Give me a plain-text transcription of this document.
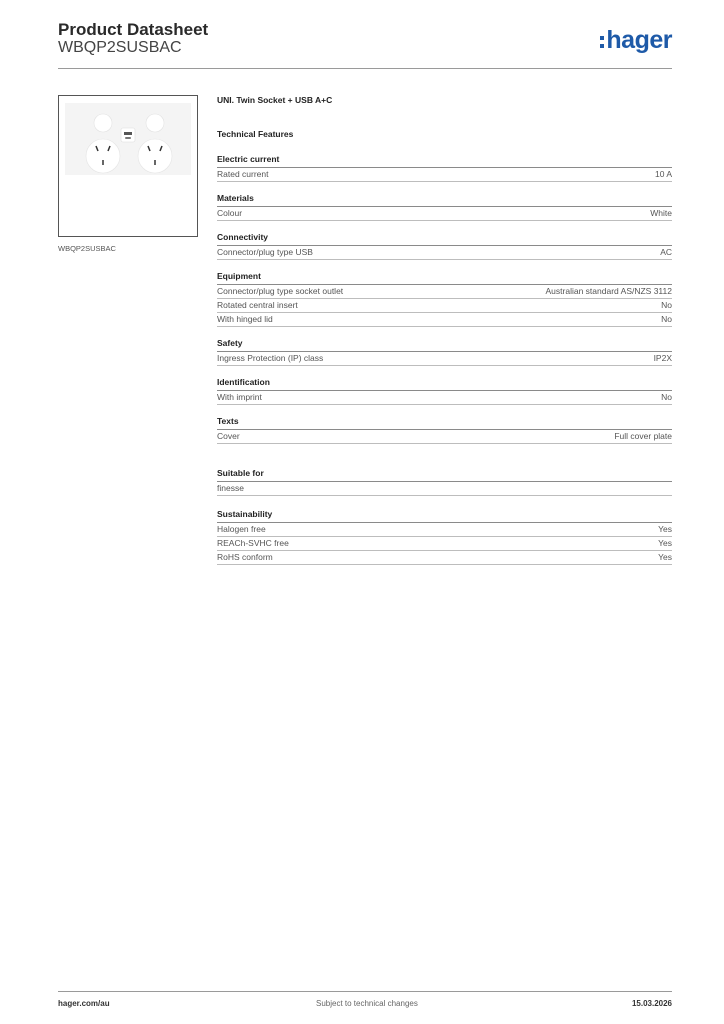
Product Datasheet
WBQP2SUSBAC	hager
WBQP2SUSBAC
UNI. Twin Socket + USB A+C
Technical Features
Electric current
Rated current	10 A
Materials
Colour	White
Connectivity
Connector/plug type USB	AC
Equipment
Connector/plug type socket outlet	Australian standard AS/NZS 3112
Rotated central insert	No
With hinged lid	No
Safety
Ingress Protection (IP) class	IP2X
Identification
With imprint	No
Texts
Cover	Full cover plate
Suitable for
finesse
Sustainability
Halogen free	Yes
REACh-SVHC free	Yes
RoHS conform	Yes
hager.com/au	Subject to technical changes	15.03.2026
